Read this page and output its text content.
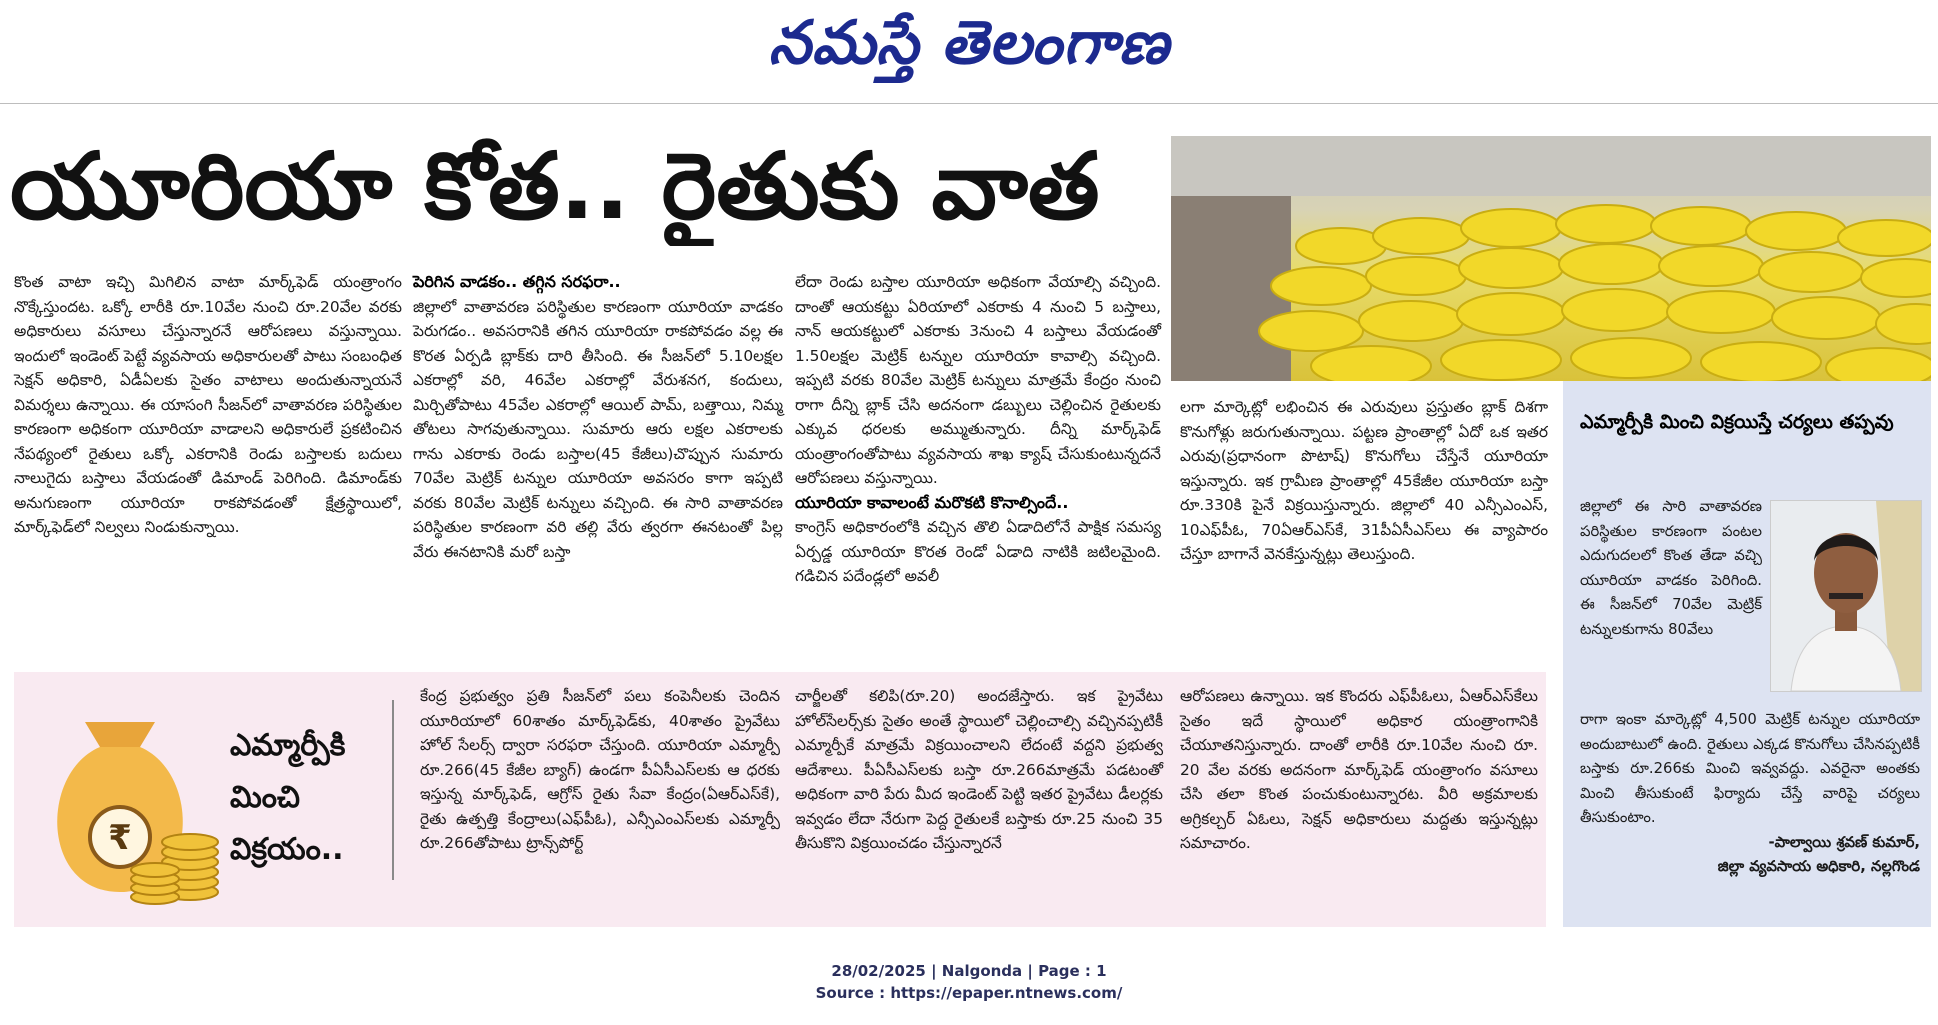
నమస్తే తెలంగాణ
యూరియా కోత.. రైతుకు వాత

కొంత వాటా ఇచ్చి మిగిలిన వాటా మార్క్‌ఫెడ్ యంత్రాంగం నొక్కేస్తుందట. ఒక్కో లారీకి రూ.10వేల నుంచి రూ.20వేల వరకు అధికారులు వసూలు చేస్తున్నారనే ఆరోపణలు వస్తున్నాయి. ఇందులో ఇండెంట్ పెట్టే వ్యవసాయ అధికారులతో పాటు సంబంధిత సెక్షన్ అధికారి, ఏడీఏలకు సైతం వాటాలు అందుతున్నాయనే విమర్శలు ఉన్నాయి. ఈ యాసంగి సీజన్‌లో వాతావరణ పరిస్థితుల కారణంగా అధికంగా యూరియా వాడాలని అధికారులే ప్రకటించిన నేపథ్యంలో రైతులు ఒక్కో ఎకరానికి రెండు బస్తాలకు బదులు నాలుగైదు బస్తాలు వేయడంతో డిమాండ్ పెరిగింది. డిమాండ్‌కు అనుగుణంగా యూరియా రాకపోవడంతో క్షేత్రస్థాయిలో, మార్క్‌ఫెడ్‌లో నిల్వలు నిండుకున్నాయి.

పెరిగిన వాడకం.. తగ్గిన సరఫరా..

జిల్లాలో వాతావరణ పరిస్థితుల కారణంగా యూరియా వాడకం పెరుగడం.. అవసరానికి తగిన యూరియా రాకపోవడం వల్ల ఈ కొరత ఏర్పడి బ్లాక్‌కు దారి తీసింది. ఈ సీజన్‌లో 5.10లక్షల ఎకరాల్లో వరి, 46వేల ఎకరాల్లో వేరుశనగ, కందులు, మిర్చితోపాటు 45వేల ఎకరాల్లో ఆయిల్ పామ్, బత్తాయి, నిమ్మ తోటలు సాగవుతున్నాయి. సుమారు ఆరు లక్షల ఎకరాలకు గాను ఎకరాకు రెండు బస్తాల(45 కేజీలు)చొప్పున సుమారు 70వేల మెట్రిక్ టన్నుల యూరియా అవసరం కాగా ఇప్పటి వరకు 80వేల మెట్రిక్ టన్నులు వచ్చింది. ఈ సారి వాతావరణ పరిస్థితుల కారణంగా వరి తల్లి వేరు త్వరగా ఈనటంతో పిల్ల వేరు ఈనటానికి మరో బస్తా

లేదా రెండు బస్తాల యూరియా అధికంగా వేయాల్సి వచ్చింది. దాంతో ఆయకట్టు ఏరియాలో ఎకరాకు 4 నుంచి 5 బస్తాలు, నాన్ ఆయకట్టులో ఎకరాకు 3నుంచి 4 బస్తాలు వేయడంతో 1.50లక్షల మెట్రిక్ టన్నుల యూరియా కావాల్సి వచ్చింది. ఇప్పటి వరకు 80వేల మెట్రిక్ టన్నులు మాత్రమే కేంద్రం నుంచి రాగా దీన్ని బ్లాక్ చేసి అదనంగా డబ్బులు చెల్లించిన రైతులకు ఎక్కువ ధరలకు అమ్ముతున్నారు. దీన్ని మార్క్‌ఫెడ్ యంత్రాంగంతోపాటు వ్యవసాయ శాఖ క్యాష్ చేసుకుంటున్నదనే ఆరోపణలు వస్తున్నాయి.

యూరియా కావాలంటే మరొకటి కొనాల్సిందే..

కాంగ్రెస్ అధికారంలోకి వచ్చిన తొలి ఏడాదిలోనే పాక్షిక సమస్య ఏర్పడ్డ యూరియా కొరత రెండో ఏడాది నాటికి జటిలమైంది. గడిచిన పదేండ్లలో అవలీ

లగా మార్కెట్లో లభించిన ఈ ఎరువులు ప్రస్తుతం బ్లాక్ దిశగా కొనుగోళ్లు జరుగుతున్నాయి. పట్టణ ప్రాంతాల్లో ఏదో ఒక ఇతర ఎరువు(ప్రధానంగా పొటాష్) కొనుగోలు చేస్తేనే యూరియా ఇస్తున్నారు. ఇక గ్రామీణ ప్రాంతాల్లో 45కేజీల యూరియా బస్తా రూ.330కి పైనే విక్రయిస్తున్నారు. జిల్లాలో 40 ఎన్సీఎంఎస్, 10ఎఫ్‌పీఓ, 70ఏఆర్ఎస్‌కే, 31పీఏసీఎస్‌లు ఈ వ్యాపారం చేస్తూ బాగానే వెనకేస్తున్నట్లు తెలుస్తుంది.

₹
ఎమ్మార్పీకి మించి విక్రయం..

కేంద్ర ప్రభుత్వం ప్రతి సీజన్‌లో పలు కంపెనీలకు చెందిన యూరియాలో 60శాతం మార్క్‌ఫెడ్‌కు, 40శాతం ప్రైవేటు హోల్ సేలర్స్ ద్వారా సరఫరా చేస్తుంది. యూరియా ఎమ్మార్పీ రూ.266(45 కేజీల బ్యాగ్) ఉండగా పీఏసీఎస్‌లకు ఆ ధరకు ఇస్తున్న మార్క్‌ఫెడ్, ఆగ్రోస్ రైతు సేవా కేంద్రం(ఏఆర్ఎస్‌కే), రైతు ఉత్పత్తి కేంద్రాలు(ఎఫ్‌పీఓ), ఎన్సీఎంఎస్‌లకు ఎమ్మార్పీ రూ.266తోపాటు ట్రాన్స్‌పోర్ట్

చార్జీలతో కలిపి(రూ.20) అందజేస్తారు. ఇక ప్రైవేటు హోల్‌సేలర్స్‌కు సైతం అంతే స్థాయిలో చెల్లించాల్సి వచ్చినప్పటికీ ఎమ్మార్పీకే మాత్రమే విక్రయించాలని లేదంటే వద్దని ప్రభుత్వ ఆదేశాలు. పీఏసీఎస్‌లకు బస్తా రూ.266మాత్రమే పడటంతో అధికంగా వారి పేరు మీద ఇండెంట్ పెట్టి ఇతర ప్రైవేటు డీలర్లకు ఇవ్వడం లేదా నేరుగా పెద్ద రైతులకే బస్తాకు రూ.25 నుంచి 35 తీసుకొని విక్రయించడం చేస్తున్నారనే

ఆరోపణలు ఉన్నాయి. ఇక కొందరు ఎఫ్‌పీఓలు, ఏఆర్ఎస్‌కేలు సైతం ఇదే స్థాయిలో అధికార యంత్రాంగానికి చేయూతనిస్తున్నారు. దాంతో లారీకి రూ.10వేల నుంచి రూ. 20 వేల వరకు అదనంగా మార్క్‌ఫెడ్ యంత్రాంగం వసూలు చేసి తలా కొంత పంచుకుంటున్నారట. వీరి అక్రమాలకు అగ్రికల్చర్ ఏఓలు, సెక్షన్ అధికారులు మద్దతు ఇస్తున్నట్లు సమాచారం.

ఎమ్మార్పీకి మించి విక్రయిస్తే చర్యలు తప్పవు

జిల్లాలో ఈ సారి వాతావరణ పరిస్థితుల కారణంగా పంటల ఎదుగుదలలో కొంత తేడా వచ్చి యూరియా వాడకం పెరిగింది. ఈ సీజన్‌లో 70వేల మెట్రిక్ టన్నులకుగాను 80వేలు

రాగా ఇంకా మార్కెట్లో 4,500 మెట్రిక్ టన్నుల యూరియా అందుబాటులో ఉంది. రైతులు ఎక్కడ కొనుగోలు చేసినప్పటికీ బస్తాకు రూ.266కు మించి ఇవ్వవద్దు. ఎవరైనా అంతకు మించి తీసుకుంటే ఫిర్యాదు చేస్తే వారిపై చర్యలు తీసుకుంటాం.

-పాల్వాయి శ్రవణ్ కుమార్,

జిల్లా వ్యవసాయ అధికారి, నల్లగొండ

28/02/2025 | Nalgonda | Page : 1
Source : https://epaper.ntnews.com/
